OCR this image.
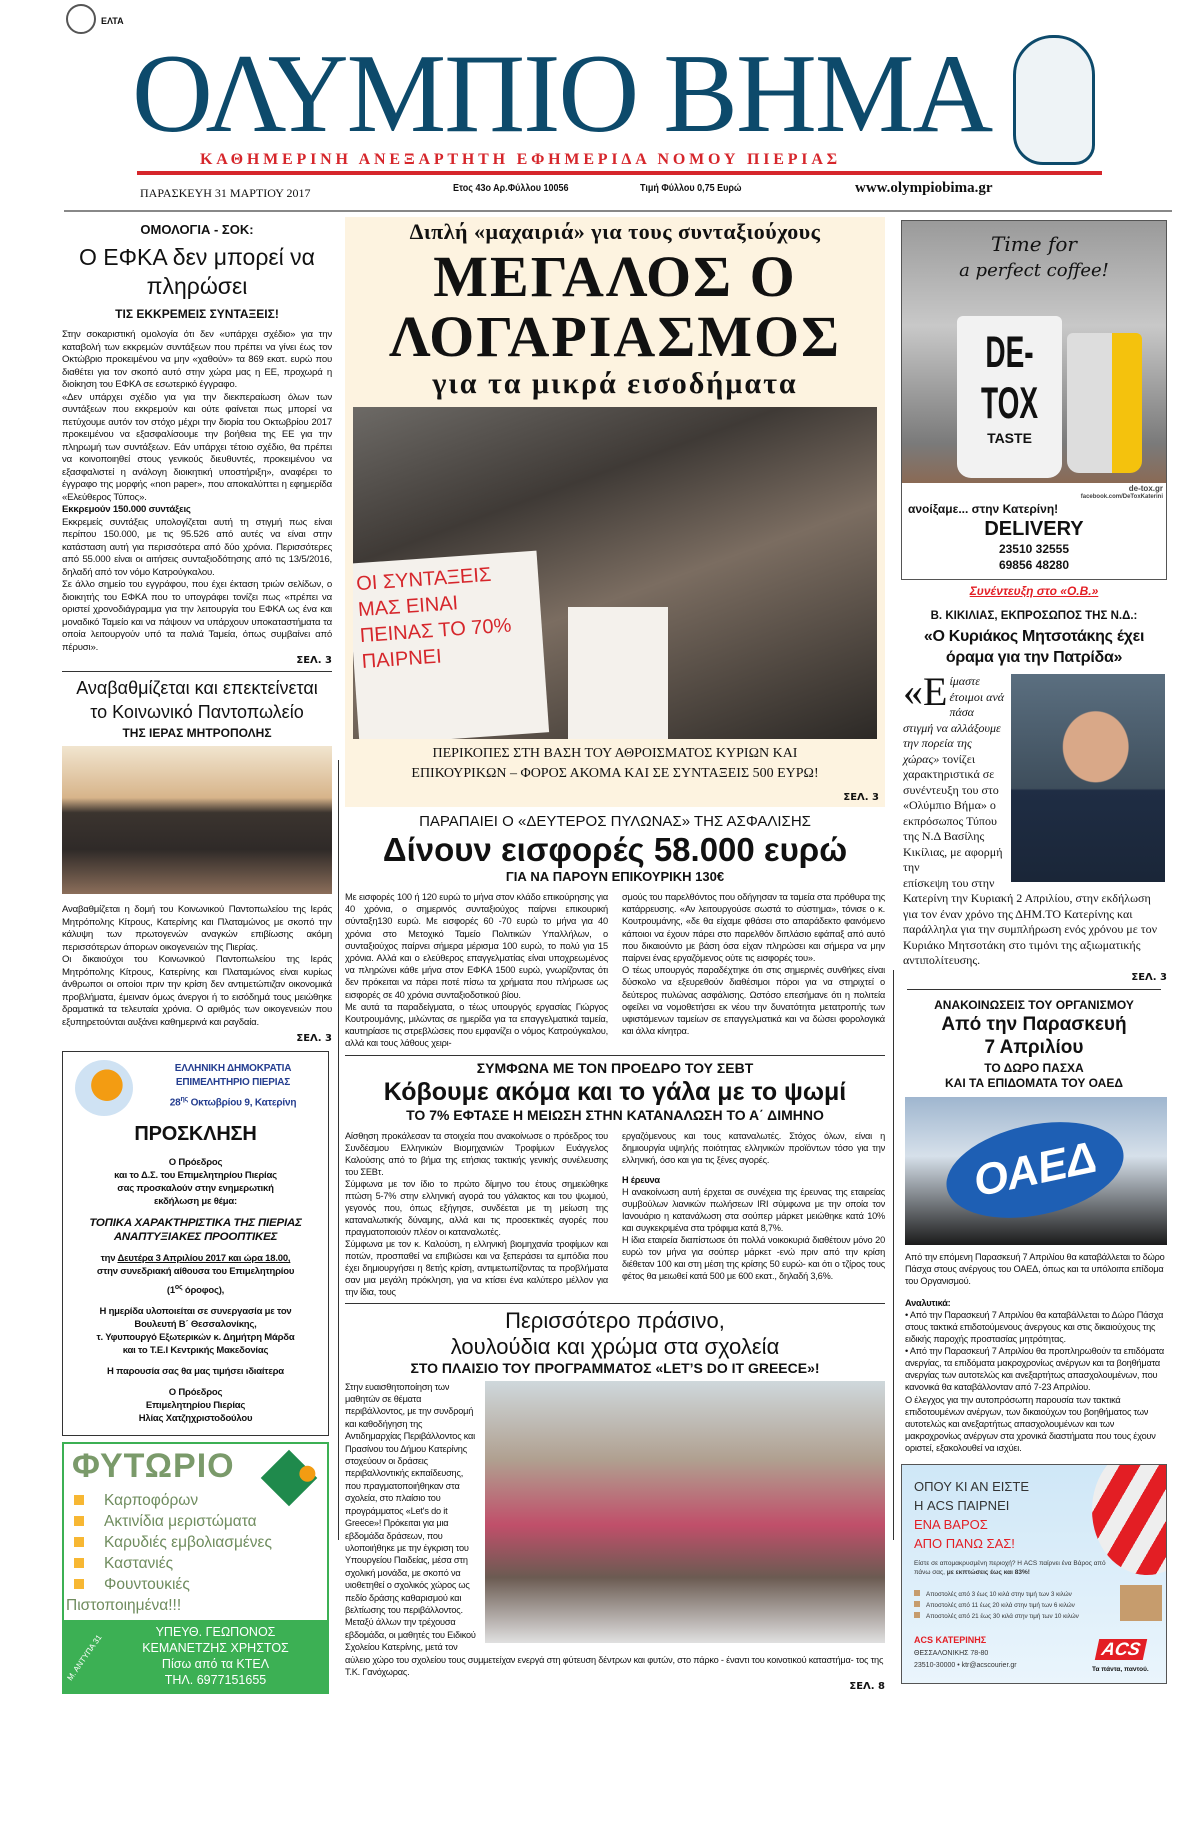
ΕΛΤΑ
ΟΛΥΜΠΙΟ ΒΗΜΑ
ΚΑΘΗΜΕΡΙΝΗ ΑΝΕΞΑΡΤΗΤΗ ΕΦΗΜΕΡΙΔΑ ΝΟΜΟΥ ΠΙΕΡΙΑΣ
ΠΑΡΑΣΚΕΥΗ 31 ΜΑΡΤΙΟΥ 2017	Ετος 43ο Αρ.Φύλλου 10056	Τιμή Φύλλου 0,75 Ευρώ	www.olympiobima.gr
ΟΜΟΛΟΓΙΑ - ΣΟΚ:
Ο ΕΦΚΑ δεν μπορεί να πληρώσει
ΤΙΣ ΕΚΚΡΕΜΕΙΣ ΣΥΝΤΑΞΕΙΣ!

Στην σοκαριστική ομολογία ότι δεν «υπάρχει σχέδιο» για την καταβολή των εκκρεμών συντάξεων που πρέπει να γίνει έως τον Οκτώβριο προκειμένου να μην «χαθούν» τα 869 εκατ. ευρώ που διαθέτει για τον σκοπό αυτό στην χώρα μας η ΕΕ, προχωρά η διοίκηση του ΕΦΚΑ σε εσωτερικό έγγραφο.

«Δεν υπάρχει σχέδιο για για την διεκπεραίωση όλων των συντάξεων που εκκρεμούν και ούτε φαίνεται πως μπορεί να πετύχουμε αυτόν τον στόχο μέχρι την διορία του Οκτωβρίου 2017 προκειμένου να εξασφαλίσουμε την βοήθεια της ΕΕ για την πληρωμή των συντάξεων. Εάν υπάρχει τέτοιο σχέδιο, θα πρέπει να κοινοποιηθεί στους γενικούς διευθυντές, προκειμένου να εξασφαλιστεί η ανάλογη διοικητική υποστήριξη», αναφέρει το έγγραφο της μορφής «non paper», που αποκαλύπτει η εφημερίδα «Ελεύθερος Τύπος».

Εκκρεμούν 150.000 συντάξεις

Εκκρεμείς συντάξεις υπολογίζεται αυτή τη στιγμή πως είναι περίπου 150.000, με τις 95.526 από αυτές να είναι στην κατάσταση αυτή για περισσότερα από δύο χρόνια. Περισσότερες από 55.000 είναι οι αιτήσεις συνταξιοδότησης από τις 13/5/2016, δηλαδή από τον νόμο Κατρούγκαλου.

Σε άλλο σημείο του εγγράφου, που έχει έκταση τριών σελίδων, ο διοικητής του ΕΦΚΑ που το υπογράφει τονίζει πως «πρέπει να οριστεί χρονοδιάγραμμα για την λειτουργία του ΕΦΚΑ ως ένα και μοναδικό Ταμείο και να πάψουν να υπάρχουν υποκαταστήματα τα οποία λειτουργούν υπό τα παλιά Ταμεία, όπως συμβαίνει από πέρυσι».

ΣΕΛ. 3
Αναβαθμίζεται και επεκτείνεται το Κοινωνικό Παντοπωλείο
ΤΗΣ ΙΕΡΑΣ ΜΗΤΡΟΠΟΛΗΣ

Αναβαθμίζεται η δομή του Κοινωνικού Παντοπωλείου της Ιεράς Μητρόπολης Κίτρους, Κατερίνης και Πλαταμώνος με σκοπό την κάλυψη των πρωτογενών αναγκών επιβίωσης ακόμη περισσότερων άπορων οικογενειών της Πιερίας.

Οι δικαιούχοι του Κοινωνικού Παντοπωλείου της Ιεράς Μητρόπολης Κίτρους, Κατερίνης και Πλαταμώνος είναι κυρίως άνθρωποι οι οποίοι πριν την κρίση δεν αντιμετώπιζαν οικονομικά προβλήματα, έμειναν όμως άνεργοι ή το εισόδημά τους μειώθηκε δραματικά τα τελευταία χρόνια. Ο αριθμός των οικογενειών που εξυπηρετούνται αυξάνει καθημερινά και ραγδαία.

ΣΕΛ. 3
ΕΛΛΗΝΙΚΗ ΔΗΜΟΚΡΑΤΙΑ
ΕΠΙΜΕΛΗΤΗΡΙΟ ΠΙΕΡΙΑΣ
$28^{\eta\varsigma}$ Οκτωβρίου 9, Κατερίνη
ΠΡΟΣΚΛΗΣΗ
Ο Πρόεδρος
και το Δ.Σ. του Επιμελητηρίου Πιερίας
σας προσκαλούν στην ενημερωτική
εκδήλωση με θέμα:
ΤΟΠΙΚΑ ΧΑΡΑΚΤΗΡΙΣΤΙΚΑ ΤΗΣ ΠΙΕΡΙΑΣ
ΑΝΑΠΤΥΞΙΑΚΕΣ ΠΡΟΟΠΤΙΚΕΣ
την Δευτέρα 3 Απριλίου 2017 και ώρα 18.00,
στην συνεδριακή αίθουσα του Επιμελητηρίου
($1^{o\varsigma}$ όροφος),
Η ημερίδα υλοποιείται σε συνεργασία με τον
Βουλευτή Β΄ Θεσσαλονίκης,
τ. Υφυπουργό Εξωτερικών κ. Δημήτρη Μάρδα
και το Τ.Ε.Ι Κεντρικής Μακεδονίας
Η παρουσία σας θα μας τιμήσει ιδιαίτερα
Ο Πρόεδρος
Επιμελητηρίου Πιερίας
Ηλίας Χατζηχριστοδούλου
ΦΥΤΩΡΙΟ
Καρποφόρων
Ακτινίδια μεριστώματα
Καρυδιές εμβολιασμένες
Καστανιές
Φουντουκιές
Πιστοποιημένα!!!
Μ. ΑΝΤΥΠΑ 31
ΥΠΕΥΘ. ΓΕΩΠΟΝΟΣ
ΚΕΜΑΝΕΤΖΗΣ ΧΡΗΣΤΟΣ
Πίσω από τα ΚΤΕΛ
ΤΗΛ. 6977151655
Διπλή «μαχαιριά» για τους συνταξιούχους
ΜΕΓΑΛΟΣ Ο
ΛΟΓΑΡΙΑΣΜΟΣ
για τα μικρά εισοδήματα
ΟΙ ΣΥΝΤΑΞΕΙΣ ΜΑΣ ΕΙΝΑΙ ΠΕΙΝΑΣ ΤΟ 70% ΠΑΙΡΝΕΙ
ΠΕΡΙΚΟΠΕΣ ΣΤΗ ΒΑΣΗ ΤΟΥ ΑΘΡΟΙΣΜΑΤΟΣ ΚΥΡΙΩΝ ΚΑΙ
ΕΠΙΚΟΥΡΙΚΩΝ – ΦΟΡΟΣ ΑΚΟΜΑ ΚΑΙ ΣΕ ΣΥΝΤΑΞΕΙΣ 500 ΕΥΡΩ!
ΣΕΛ. 3
ΠΑΡΑΠΑΙΕΙ Ο «ΔΕΥΤΕΡΟΣ ΠΥΛΩΝΑΣ» ΤΗΣ ΑΣΦΑΛΙΣΗΣ
Δίνουν εισφορές 58.000 ευρώ
ΓΙΑ ΝΑ ΠΑΡΟΥΝ ΕΠΙΚΟΥΡΙΚΗ 130€

Με εισφορές 100 ή 120 ευρώ το μήνα στον κλάδο επικούρησης για 40 χρόνια, ο σημερινός συνταξιούχος παίρνει επικουρική σύνταξη130 ευρώ. Με εισφορές 60 -70 ευρώ το μήνα για 40 χρόνια στο Μετοχικό Ταμείο Πολιτικών Υπαλλήλων, ο συνταξιούχος παίρνει σήμερα μέρισμα 100 ευρώ, το πολύ για 15 χρόνια. Αλλά και ο ελεύθερος επαγγελματίας είναι υποχρεωμένος να πληρώνει κάθε μήνα στον ΕΦΚΑ 1500 ευρώ, γνωρίζοντας ότι δεν πρόκειται να πάρει ποτέ πίσω τα χρήματα που πλήρωσε ως εισφορές σε 40 χρόνια συνταξιοδοτικού βίου.

Με αυτά τα παραδείγματα, ο τέως υπουργός εργασίας Γιώργος Κουτρουμάνης, μιλώντας σε ημερίδα για τα επαγγελματικά ταμεία, καυτηρίασε τις στρεβλώσεις που εμφανίζει ο νόμος Κατρούγκαλου, αλλά και τους λάθους χειρι-

σμούς του παρελθόντος που οδήγησαν τα ταμεία στα πρόθυρα της κατάρρευσης. «Αν λειτουργούσε σωστά το σύστημα», τόνισε ο κ. Κουτρουμάνης, «δε θα είχαμε φθάσει στο απαράδεκτο φαινόμενο κάποιοι να έχουν πάρει στο παρελθόν διπλάσιο εφάπαξ από αυτό που δικαιούντο με βάση όσα είχαν πληρώσει και σήμερα να μην παίρνει ένας εργαζόμενος ούτε τις εισφορές του».

Ο τέως υπουργός παραδέχτηκε ότι στις σημερινές συνθήκες είναι δύσκολο να εξευρεθούν διαθέσιμοι πόροι για να στηριχτεί ο δεύτερος πυλώνας ασφάλισης. Ωστόσο επεσήμανε ότι η πολιτεία οφείλει να νομοθετήσει εκ νέου την δυνατότητα μετατροπής των υφιστάμενων ταμείων σε επαγγελματικά και να δώσει φορολογικά και άλλα κίνητρα.

ΣΥΜΦΩΝΑ ΜΕ ΤΟΝ ΠΡΟΕΔΡΟ ΤΟΥ ΣΕΒΤ
Κόβουμε ακόμα και το γάλα με το ψωμί
ΤΟ 7% ΕΦΤΑΣΕ Η ΜΕΙΩΣΗ ΣΤΗΝ ΚΑΤΑΝΑΛΩΣΗ ΤΟ Α΄ ΔΙΜΗΝΟ

Αίσθηση προκάλεσαν τα στοιχεία που ανακοίνωσε ο πρόεδρος του Συνδέσμου Ελληνικών Βιομηχανιών Τροφίμων Ευάγγελος Καλούσης από το βήμα της ετήσιας τακτικής γενικής συνέλευσης του ΣΕΒτ.

Σύμφωνα με τον ίδιο το πρώτο δίμηνο του έτους σημειώθηκε πτώση 5-7% στην ελληνική αγορά του γάλακτος και του ψωμιού, γεγονός που, όπως εξήγησε, συνδέεται με τη μείωση της καταναλωτικής δύναμης, αλλά και τις προσεκτικές αγορές που πραγματοποιούν πλέον οι καταναλωτές.

Σύμφωνα με τον κ. Καλούση, η ελληνική βιομηχανία τροφίμων και ποτών, προσπαθεί να επιβιώσει και να ξεπεράσει τα εμπόδια που έχει δημιουργήσει η 8ετής κρίση, αντιμετωπίζοντας τα προβλήματα σαν μια μεγάλη πρόκληση, για να κτίσει ένα καλύτερο μέλλον για την ίδια, τους

εργαζόμενους και τους καταναλωτές. Στόχος όλων, είναι η δημιουργία υψηλής ποιότητας ελληνικών προϊόντων τόσο για την ελληνική, όσο και για τις ξένες αγορές.

Η έρευνα

Η ανακοίνωση αυτή έρχεται σε συνέχεια της έρευνας της εταιρείας συμβούλων λιανικών πωλήσεων IRI σύμφωνα με την οποία τον Ιανουάριο η κατανάλωση στα σούπερ μάρκετ μειώθηκε κατά 10% και συγκεκριμένα στα τρόφιμα κατά 8,7%.

Η ίδια εταιρεία διαπίστωσε ότι πολλά νοικοκυριά διαθέτουν μόνο 20 ευρώ τον μήνα για σούπερ μάρκετ -ενώ πριν από την κρίση διέθεταν 100 και στη μέση της κρίσης 50 ευρώ- και ότι ο τζίρος τους φέτος θα μειωθεί κατά 500 με 600 εκατ., δηλαδή 3,6%.

Περισσότερο πράσινο,
λουλούδια και χρώμα στα σχολεία
ΣΤΟ ΠΛΑΙΣΙΟ ΤΟΥ ΠΡΟΓΡΑΜΜΑΤΟΣ «LET’S DO IT GREECE»!

Στην ευαισθητοποίηση των μαθητών σε θέματα περιβάλλοντος, με την συνδρομή και καθοδήγηση της Αντιδημαρχίας Περιβάλλοντος και Πρασίνου του Δήμου Κατερίνης στοχεύουν οι δράσεις περιβαλλοντικής εκπαίδευσης, που πραγματοποιήθηκαν στα σχολεία, στο πλαίσιο του προγράμματος «Let's do it Greece»! Πρόκειται για μια εβδομάδα δράσεων, που υλοποιήθηκε με την έγκριση του Υπουργείου Παιδείας, μέσα στη σχολική μονάδα, με σκοπό να υιοθετηθεί ο σχολικός χώρος ως πεδίο δράσης καθαρισμού και βελτίωσης του περιβάλλοντος.

Μεταξύ άλλων την τρέχουσα εβδομάδα, οι μαθητές του Ειδικού Σχολείου Κατερίνης, μετά τον αύλειο χώρο του σχολείου τους συμμετείχαν ενεργά στη φύτευση δέντρων και φυτών, στο πάρκο - έναντι του κοινοτικού καταστήμα- τος της Τ.Κ. Γανόχωρας.

ΣΕΛ. 8
Time for
a perfect coffee!
DE-TOX
TASTE
de-tox.gr
facebook.com/DeToxKaterini
ανοίξαμε... στην Κατερίνη!
DELIVERY
23510 32555
69856 48280
Συνέντευξη στο «Ο.Β.»
Β. ΚΙΚΙΛΙΑΣ, ΕΚΠΡΟΣΩΠΟΣ ΤΗΣ Ν.Δ.:
«Ο Κυριάκος Μητσοτάκης έχει όραμα για την Πατρίδα»

«Είμαστε έτοιμοι ανά πάσα στιγμή να αλλάξουμε την πορεία της χώρας» τονίζει χαρακτηριστικά σε συνέντευξη του στο «Ολύμπιο Βήμα» ο εκπρόσωπος Τύπου της Ν.Δ Βασίλης Κικίλιας, με αφορμή την

επίσκεψη του στην Κατερίνη την Κυριακή 2 Απριλίου, στην εκδήλωση για τον έναν χρόνο της ΔΗΜ.ΤΟ Κατερίνης και παράλληλα για την συμπλήρωση ενός χρόνου με τον Κυριάκο Μητσοτάκη στο τιμόνι της αξιωματικής αντιπολίτευσης.

ΣΕΛ. 3
ΑΝΑΚΟΙΝΩΣΕΙΣ ΤΟΥ ΟΡΓΑΝΙΣΜΟΥ
Από την Παρασκευή
7 Απριλίου
ΤΟ ΔΩΡΟ ΠΑΣΧΑ
ΚΑΙ ΤΑ ΕΠΙΔΟΜΑΤΑ ΤΟΥ ΟΑΕΔ
ΟΑΕΔ

Από την επόμενη Παρασκευή 7 Απριλίου θα καταβάλλεται το δώρο Πάσχα στους ανέργους του ΟΑΕΔ, όπως και τα υπόλοιπα επίδομα του Οργανισμού.

Αναλυτικά:

• Από την Παρασκευή 7 Απριλίου θα καταβάλλεται το Δώρο Πάσχα στους τακτικά επιδοτούμενους άνεργους και στις δικαιούχους της ειδικής παροχής προστασίας μητρότητας.

• Από την Παρασκευή 7 Απριλίου θα προπληρωθούν τα επιδόματα ανεργίας, τα επιδόματα μακροχρονίως ανέργων και τα βοηθήματα ανεργίας των αυτοτελώς και ανεξαρτήτως απασχολουμένων, που κανονικά θα καταβάλλονταν από 7-23 Απριλίου.

Ο έλεγχος για την αυτοπρόσωπη παρουσία των τακτικά επιδοτουμένων ανέργων, των δικαιούχων του βοηθήματος των αυτοτελώς και ανεξαρτήτως απασχολουμένων και των μακροχρονίως ανέργων στα χρονικά διαστήματα που τους έχουν οριστεί, εξακολουθεί να ισχύει.

ΟΠΟΥ ΚΙ ΑΝ ΕΙΣΤΕ
Η ACS ΠΑΙΡΝΕΙ
ΕΝΑ ΒΑΡΟΣ
ΑΠΟ ΠΑΝΩ ΣΑΣ!
Είστε σε απομακρυσμένη περιοχή? Η ACS παίρνει ένα Βάρος από πάνω σας, με εκπτώσεις έως και 83%!
Αποστολές από 3 έως 10 κιλά στην τιμή των 3 κιλών
Αποστολές από 11 έως 20 κιλά στην τιμή των 6 κιλών
Αποστολές από 21 έως 30 κιλά στην τιμή των 10 κιλών
ACS ΚΑΤΕΡΙΝΗΣ
ΘΕΣΣΑΛΟΝΙΚΗΣ 78-80
23510-30000 • ktr@acscourier.gr
ACS
Τα πάντα, παντού.
